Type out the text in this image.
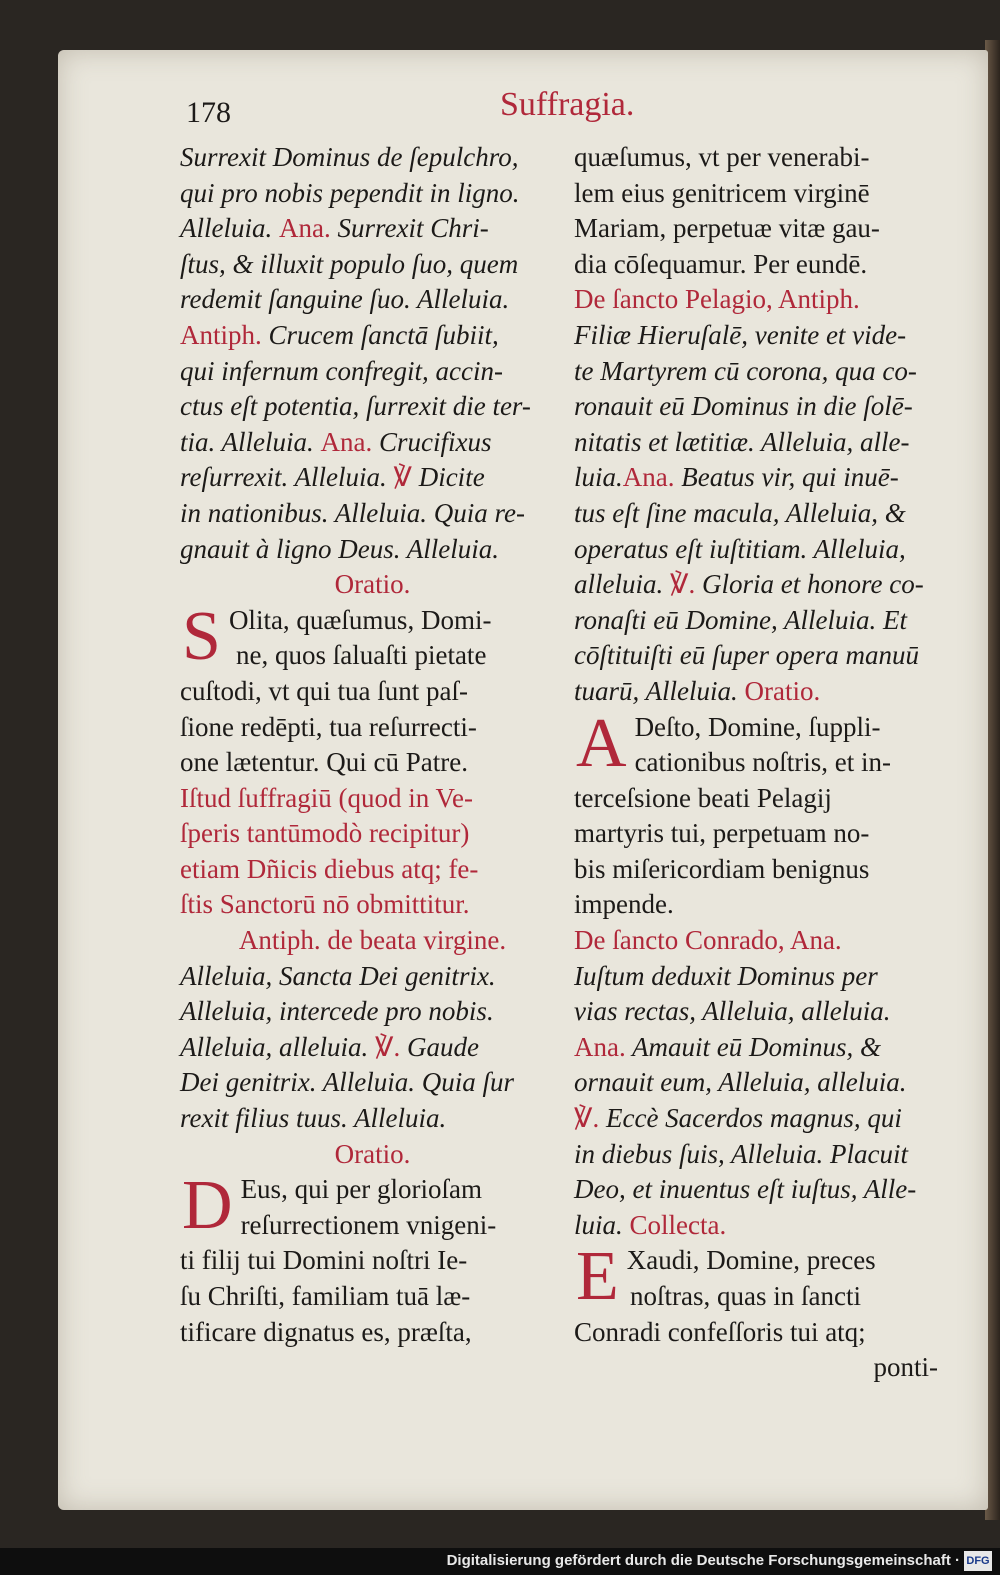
178	Suffragia.
Surrexit Dominus de ſepulchro,
qui pro nobis pependit in ligno.
Alleluia. Ana. Surrexit Chri-
ſtus, & illuxit populo ſuo, quem
redemit ſanguine ſuo. Alleluia.
Antiph. Crucem ſanctā ſubiit,
qui infernum confregit, accin-
ctus eſt potentia, ſurrexit die ter-
tia. Alleluia. Ana. Crucifixus
reſurrexit. Alleluia. ℣ Dicite
in nationibus. Alleluia. Quia re-
gnauit à ligno Deus. Alleluia.
Oratio.
S Olita, quæſumus, Domi-
ne, quos ſaluaſti pietate
cuſtodi, vt qui tua ſunt paſ-
ſione redēpti, tua reſurrecti-
one lætentur. Qui cū Patre.
Iſtud ſuffragiū (quod in Ve-
ſperis tantūmodò recipitur)
etiam Dñicis diebus atq; fe-
ſtis Sanctorū nō obmittitur.
Antiph. de beata virgine.
Alleluia, Sancta Dei genitrix.
Alleluia, intercede pro nobis.
Alleluia, alleluia. ℣. Gaude
Dei genitrix. Alleluia. Quia ſur
rexit filius tuus. Alleluia.
Oratio.
D Eus, qui per glorioſam
reſurrectionem vnigeni-
ti filij tui Domini noſtri Ie-
ſu Chriſti, familiam tuā læ-
tificare dignatus es, præſta,
quæſumus, vt per venerabi-
lem eius genitricem virginē
Mariam, perpetuæ vitæ gau-
dia cōſequamur. Per eundē.
De ſancto Pelagio, Antiph.
Filiæ Hieruſalē, venite et vide-
te Martyrem cū corona, qua co-
ronauit eū Dominus in die ſolē-
nitatis et lætitiæ. Alleluia, alle-
luia.Ana. Beatus vir, qui inuē-
tus eſt ſine macula, Alleluia, &
operatus eſt iuſtitiam. Alleluia,
alleluia. ℣. Gloria et honore co-
ronaſti eū Domine, Alleluia. Et
cōſtituiſti eū ſuper opera manuū
tuarū, Alleluia. Oratio.
A Deſto, Domine, ſuppli-
cationibus noſtris, et in-
terceſsione beati Pelagij
martyris tui, perpetuam no-
bis miſericordiam benignus
impende.
De ſancto Conrado, Ana.
Iuſtum deduxit Dominus per
vias rectas, Alleluia, alleluia.
Ana. Amauit eū Dominus, &
ornauit eum, Alleluia, alleluia.
℣. Eccè Sacerdos magnus, qui
in diebus ſuis, Alleluia. Placuit
Deo, et inuentus eſt iuſtus, Alle-
luia. Collecta.
E Xaudi, Domine, preces
noſtras, quas in ſancti
Conradi confeſſoris tui atq;
ponti-
Digitalisierung gefördert durch die Deutsche Forschungsgemeinschaft · DFG
